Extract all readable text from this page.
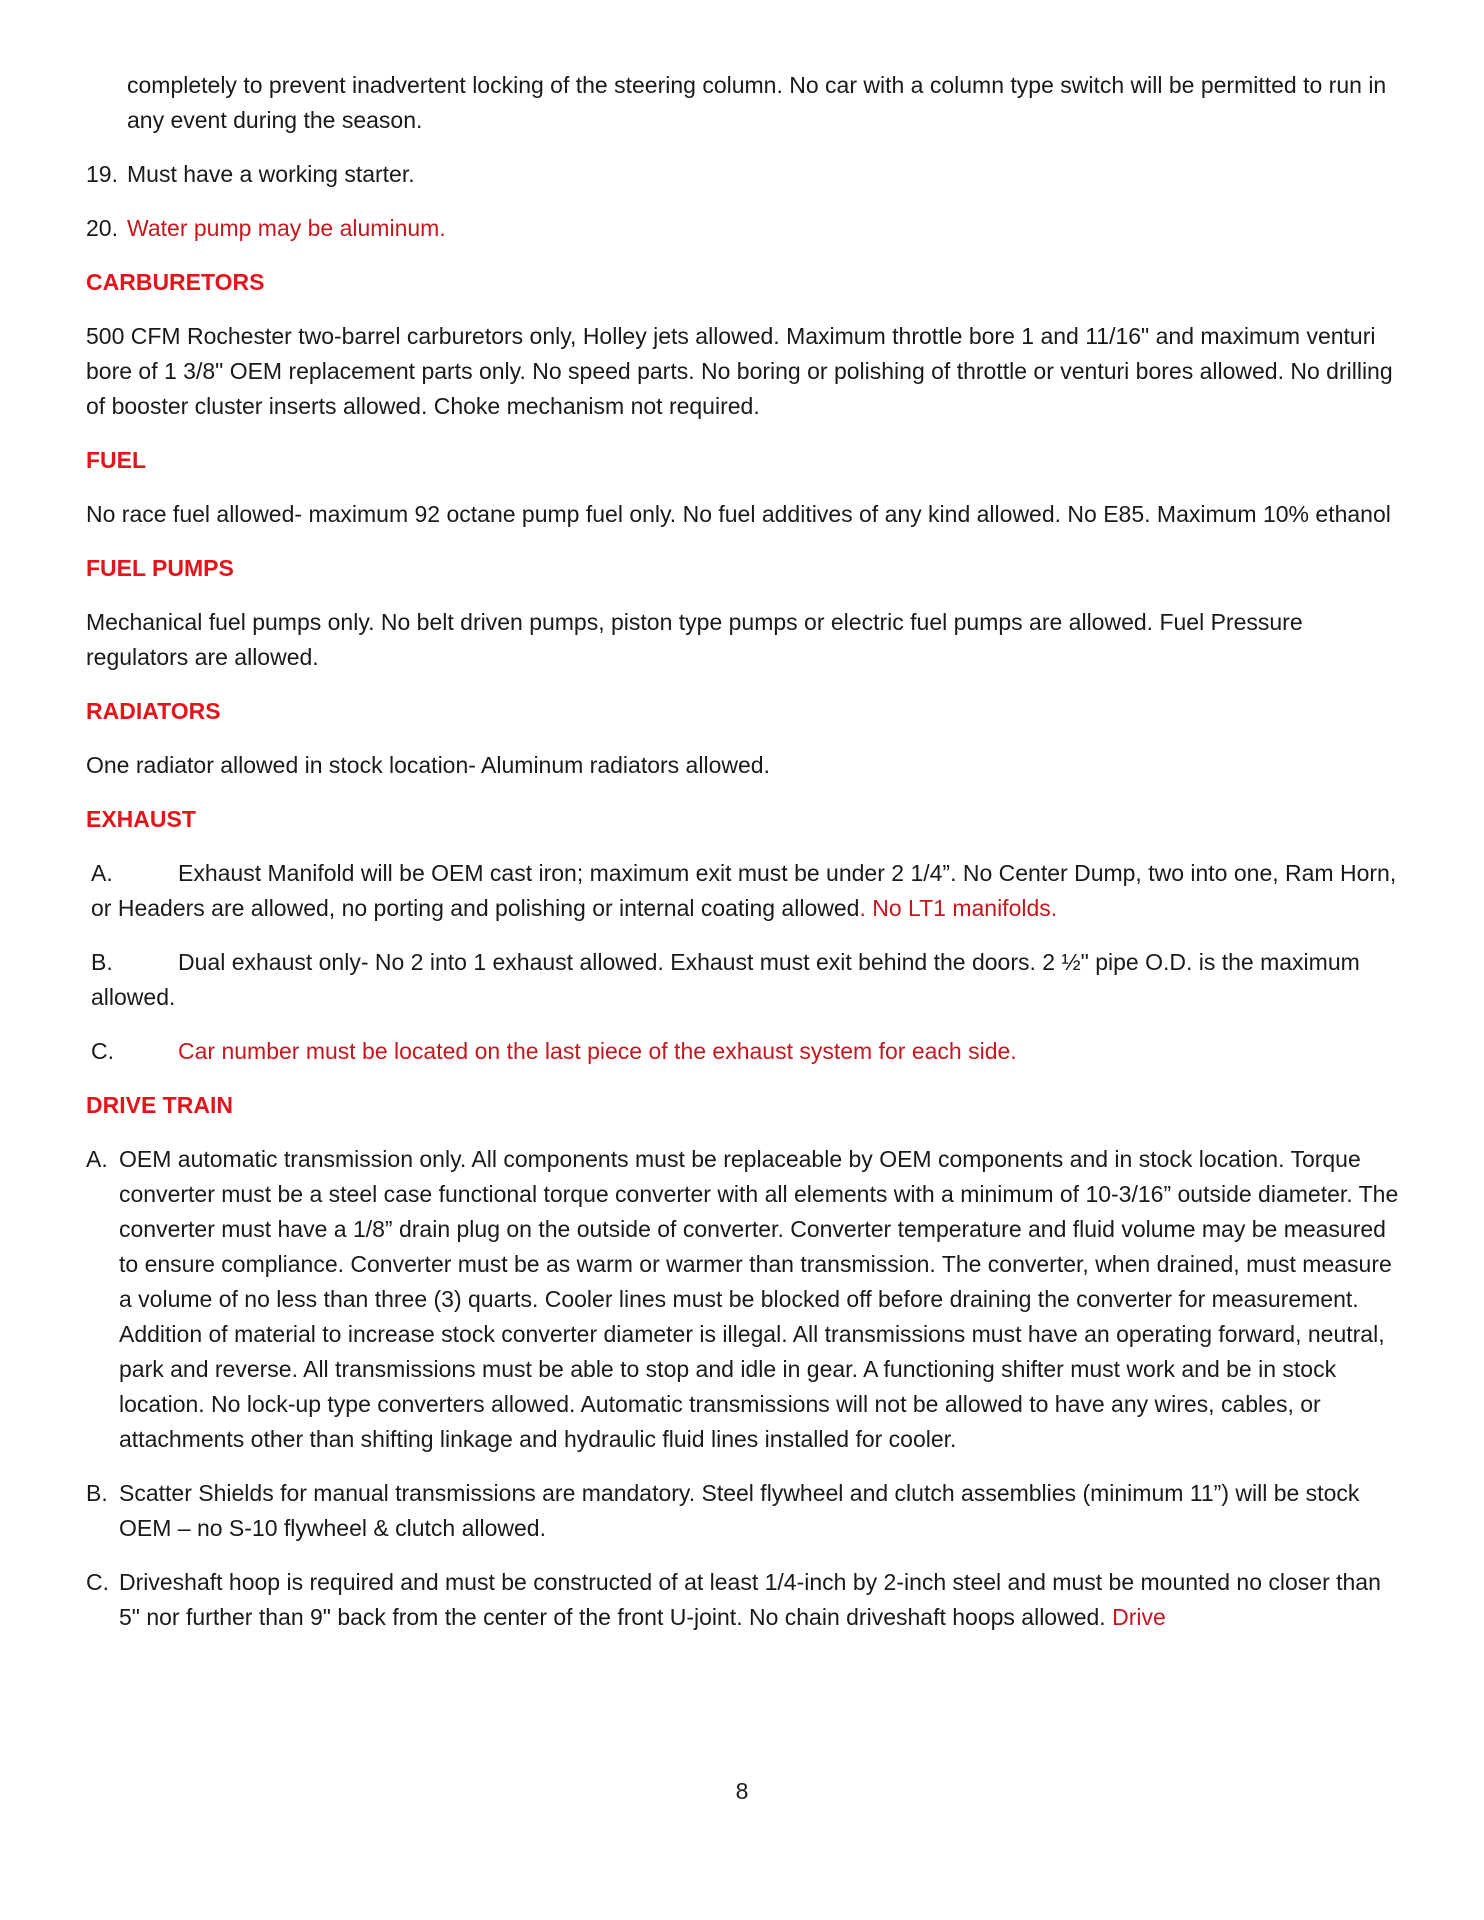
completely to prevent inadvertent locking of the steering column. No car with a column type switch will be permitted to run in any event during the season.

19. Must have a working starter.

20. Water pump may be aluminum.

CARBURETORS

500 CFM Rochester two-barrel carburetors only, Holley jets allowed. Maximum throttle bore 1 and 11/16" and maximum venturi bore of 1 3/8" OEM replacement parts only. No speed parts. No boring or polishing of throttle or venturi bores allowed. No drilling of booster cluster inserts allowed. Choke mechanism not required.

FUEL

No race fuel allowed- maximum 92 octane pump fuel only. No fuel additives of any kind allowed. No E85. Maximum 10% ethanol

FUEL PUMPS

Mechanical fuel pumps only. No belt driven pumps, piston type pumps or electric fuel pumps are allowed. Fuel Pressure regulators are allowed.

RADIATORS

One radiator allowed in stock location- Aluminum radiators allowed.

EXHAUST

A.	Exhaust Manifold will be OEM cast iron; maximum exit must be under 2 1/4”. No Center Dump, two into one, Ram Horn, or Headers are allowed, no porting and polishing or internal coating allowed. No LT1 manifolds.

B.	Dual exhaust only- No 2 into 1 exhaust allowed. Exhaust must exit behind the doors. 2 ½" pipe O.D. is the maximum allowed.

C.	Car number must be located on the last piece of the exhaust system for each side.

DRIVE TRAIN

A. OEM automatic transmission only. All components must be replaceable by OEM components and in stock location. Torque converter must be a steel case functional torque converter with all elements with a minimum of 10-3/16” outside diameter. The converter must have a 1/8” drain plug on the outside of converter. Converter temperature and fluid volume may be measured to ensure compliance. Converter must be as warm or warmer than transmission. The converter, when drained, must measure a volume of no less than three (3) quarts. Cooler lines must be blocked off before draining the converter for measurement. Addition of material to increase stock converter diameter is illegal. All transmissions must have an operating forward, neutral, park and reverse. All transmissions must be able to stop and idle in gear. A functioning shifter must work and be in stock location. No lock-up type converters allowed. Automatic transmissions will not be allowed to have any wires, cables, or attachments other than shifting linkage and hydraulic fluid lines installed for cooler.

B. Scatter Shields for manual transmissions are mandatory. Steel flywheel and clutch assemblies (minimum 11”) will be stock OEM – no S-10 flywheel & clutch allowed.

C. Driveshaft hoop is required and must be constructed of at least 1/4-inch by 2-inch steel and must be mounted no closer than 5" nor further than 9" back from the center of the front U-joint. No chain driveshaft hoops allowed. Drive

8
